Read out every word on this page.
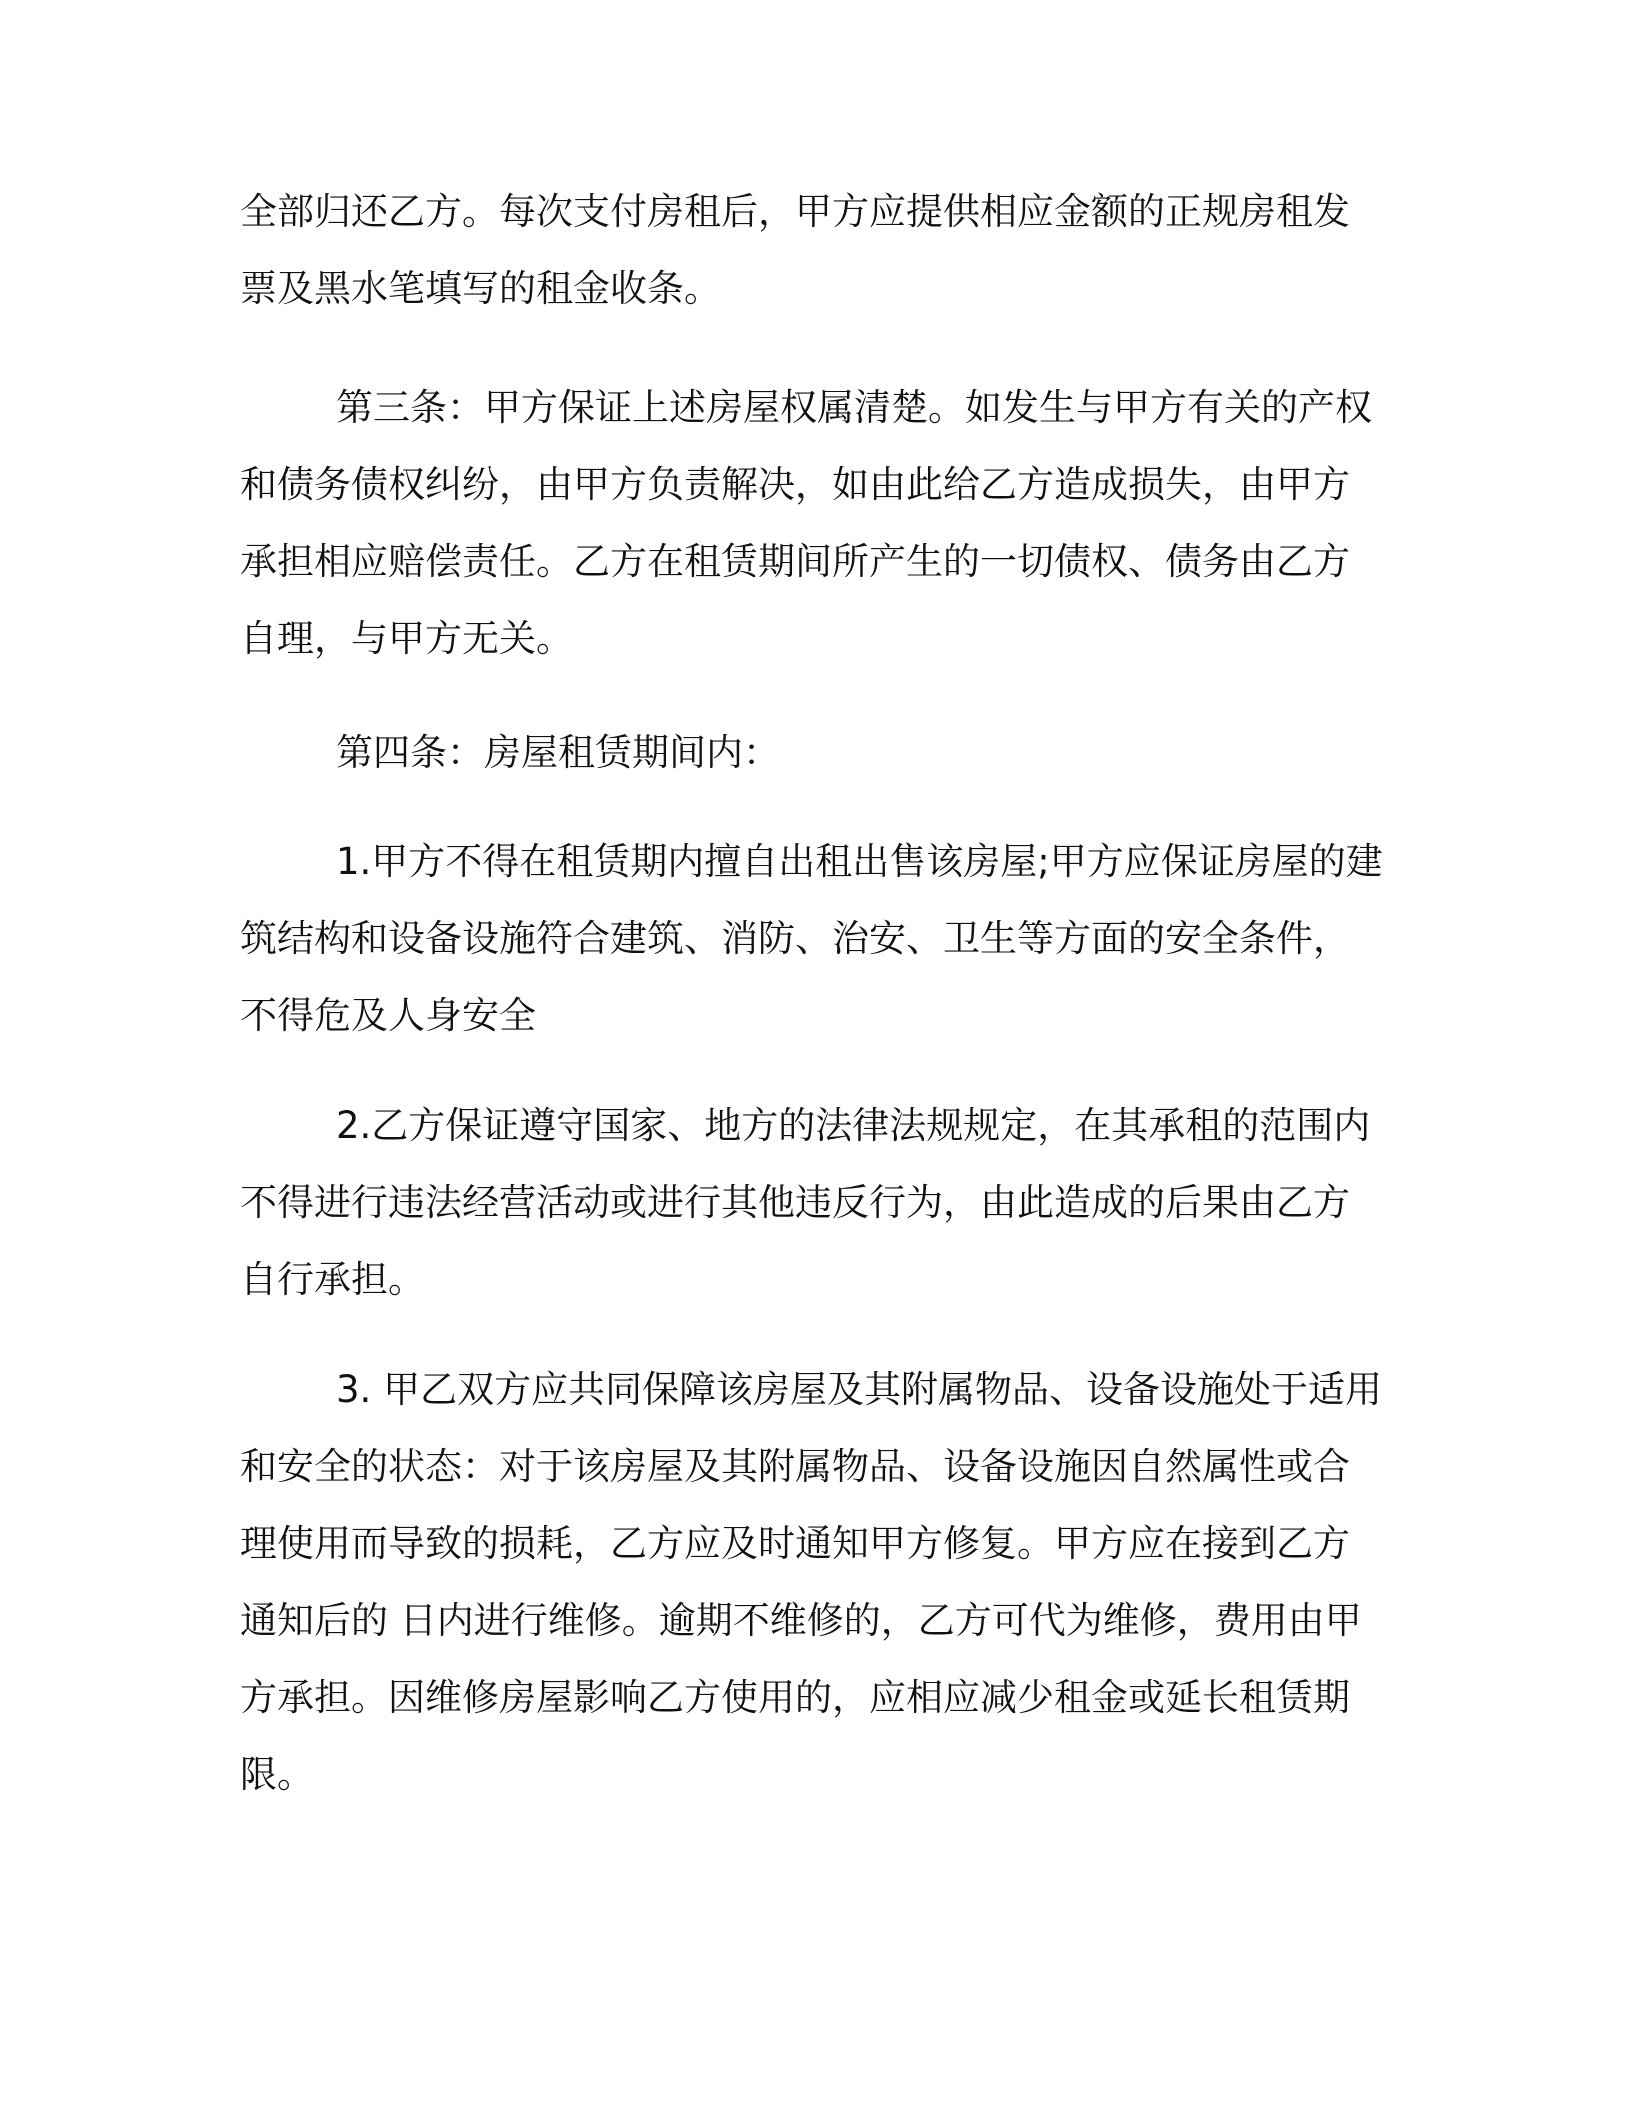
全部归还乙方。每次支付房租后，甲方应提供相应金额的正规房租发
票及黑水笔填写的租金收条。
第三条：甲方保证上述房屋权属清楚。如发生与甲方有关的产权
和债务债权纠纷，由甲方负责解决，如由此给乙方造成损失，由甲方
承担相应赔偿责任。乙方在租赁期间所产生的一切债权、债务由乙方
自理，与甲方无关。
第四条：房屋租赁期间内：
1.甲方不得在租赁期内擅自出租出售该房屋;甲方应保证房屋的建
筑结构和设备设施符合建筑、消防、治安、卫生等方面的安全条件，
不得危及人身安全
2.乙方保证遵守国家、地方的法律法规规定，在其承租的范围内
不得进行违法经营活动或进行其他违反行为，由此造成的后果由乙方
自行承担。
3. 甲乙双方应共同保障该房屋及其附属物品、设备设施处于适用
和安全的状态：对于该房屋及其附属物品、设备设施因自然属性或合
理使用而导致的损耗，乙方应及时通知甲方修复。甲方应在接到乙方
通知后的 日内进行维修。逾期不维修的，乙方可代为维修，费用由甲
方承担。因维修房屋影响乙方使用的，应相应减少租金或延长租赁期
限。
